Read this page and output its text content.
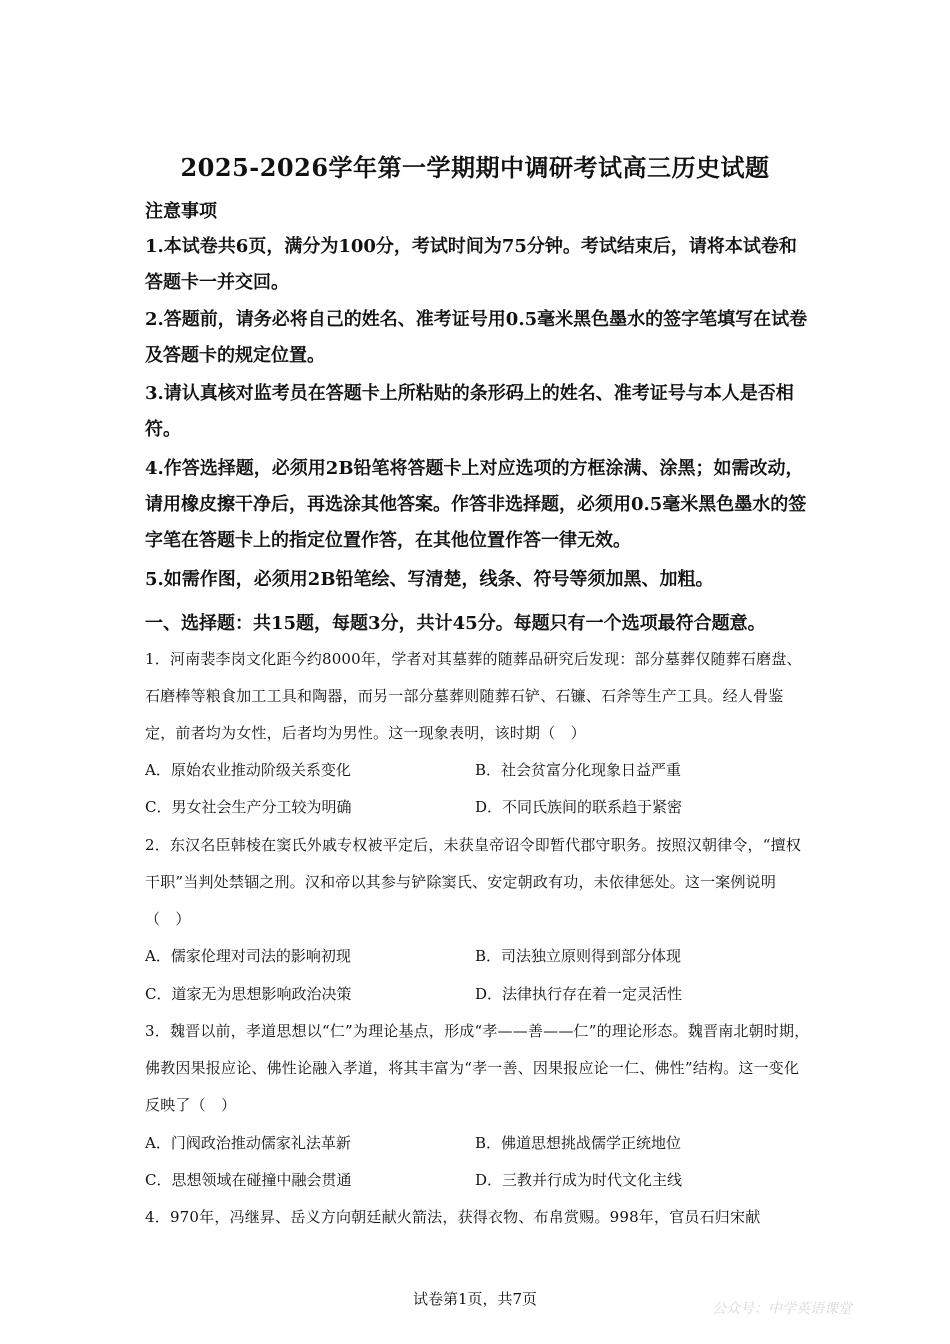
2025-2026学年第一学期期中调研考试高三历史试题
注意事项
1.本试卷共6页，满分为100分，考试时间为75分钟。考试结束后，请将本试卷和答题卡一并交回。
2.答题前，请务必将自己的姓名、准考证号用0.5毫米黑色墨水的签字笔填写在试卷及答题卡的规定位置。
3.请认真核对监考员在答题卡上所粘贴的条形码上的姓名、准考证号与本人是否相符。
4.作答选择题，必须用2B铅笔将答题卡上对应选项的方框涂满、涂黑；如需改动，请用橡皮擦干净后，再选涂其他答案。作答非选择题，必须用0.5毫米黑色墨水的签字笔在答题卡上的指定位置作答，在其他位置作答一律无效。
5.如需作图，必须用2B铅笔绘、写清楚，线条、符号等须加黑、加粗。
一、选择题：共15题，每题3分，共计45分。每题只有一个选项最符合题意。
1．河南裴李岗文化距今约8000年，学者对其墓葬的随葬品研究后发现：部分墓葬仅随葬石磨盘、石磨棒等粮食加工工具和陶器，而另一部分墓葬则随葬石铲、石镰、石斧等生产工具。经人骨鉴定，前者均为女性，后者均为男性。这一现象表明，该时期（　）
A．原始农业推动阶级关系变化	B．社会贫富分化现象日益严重
C．男女社会生产分工较为明确	D．不同氏族间的联系趋于紧密
2．东汉名臣韩棱在窦氏外戚专权被平定后，未获皇帝诏令即暂代郡守职务。按照汉朝律令，“擅权干职”当判处禁锢之刑。汉和帝以其参与铲除窦氏、安定朝政有功，未依律惩处。这一案例说明（　）
A．儒家伦理对司法的影响初现	B．司法独立原则得到部分体现
C．道家无为思想影响政治决策	D．法律执行存在着一定灵活性
3．魏晋以前，孝道思想以“仁”为理论基点，形成“孝——善——仁”的理论形态。魏晋南北朝时期，佛教因果报应论、佛性论融入孝道，将其丰富为“孝一善、因果报应论一仁、佛性”结构。这一变化反映了（　）
A．门阀政治推动儒家礼法革新	B．佛道思想挑战儒学正统地位
C．思想领域在碰撞中融会贯通	D．三教并行成为时代文化主线
4．970年，冯继昇、岳义方向朝廷献火箭法，获得衣物、布帛赏赐。998年，官员石归宋献
试卷第1页，共7页
公众号：中学英语课堂
